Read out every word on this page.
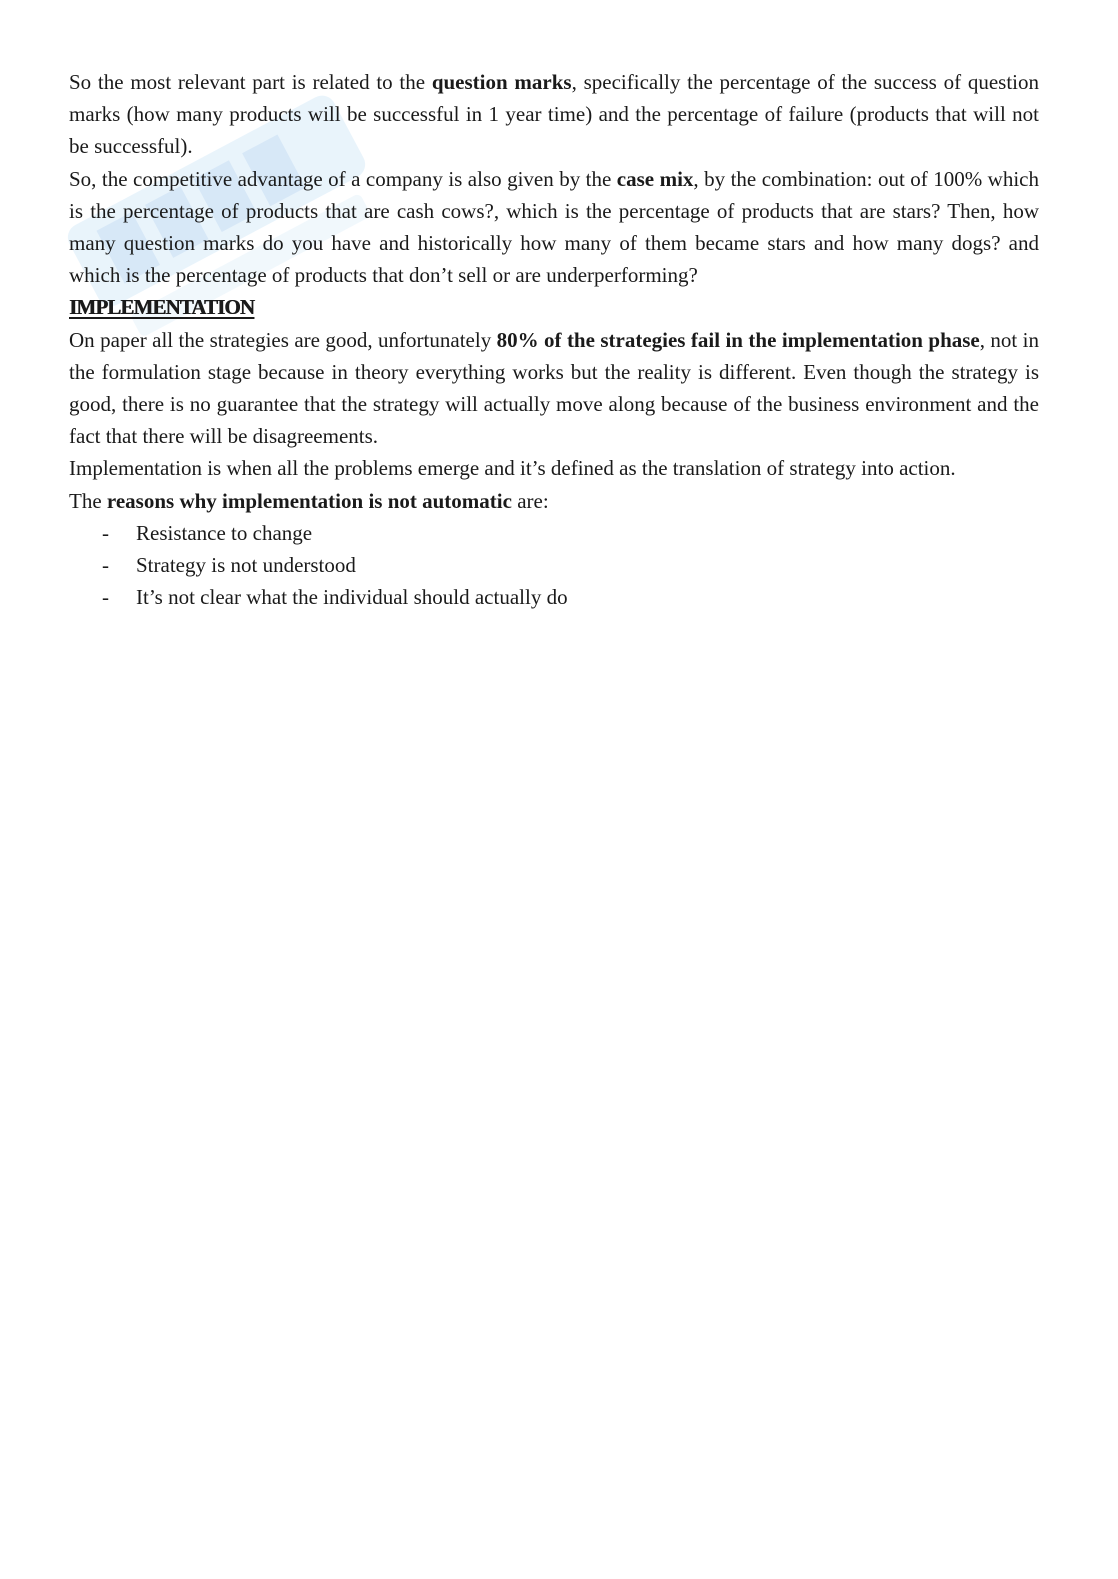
So the most relevant part is related to the question marks, specifically the percentage of the success of question marks (how many products will be successful in 1 year time) and the percentage of failure (products that will not be successful).

So, the competitive advantage of a company is also given by the case mix, by the combination: out of 100% which is the percentage of products that are cash cows?, which is the percentage of products that are stars? Then, how many question marks do you have and historically how many of them became stars and how many dogs? and which is the percentage of products that don’t sell or are underperforming?

IMPLEMENTATION

On paper all the strategies are good, unfortunately 80% of the strategies fail in the implementation phase, not in the formulation stage because in theory everything works but the reality is different. Even though the strategy is good, there is no guarantee that the strategy will actually move along because of the business environment and the fact that there will be disagreements.

Implementation is when all the problems emerge and it’s defined as the translation of strategy into action.

The reasons why implementation is not automatic are:

- Resistance to change
- Strategy is not understood
- It’s not clear what the individual should actually do
